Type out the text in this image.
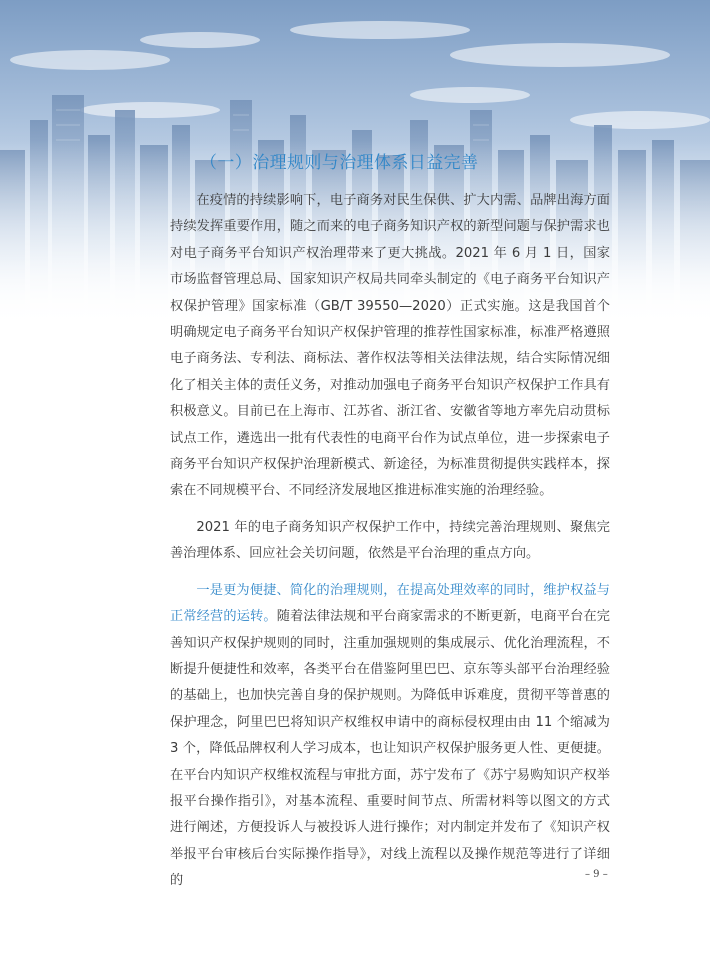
（一）治理规则与治理体系日益完善

在疫情的持续影响下，电子商务对民生保供、扩大内需、品牌出海方面持续发挥重要作用，随之而来的电子商务知识产权的新型问题与保护需求也对电子商务平台知识产权治理带来了更大挑战。2021 年 6 月 1 日，国家市场监督管理总局、国家知识产权局共同牵头制定的《电子商务平台知识产权保护管理》国家标准（GB/T 39550—2020）正式实施。这是我国首个明确规定电子商务平台知识产权保护管理的推荐性国家标准，标准严格遵照电子商务法、专利法、商标法、著作权法等相关法律法规，结合实际情况细化了相关主体的责任义务，对推动加强电子商务平台知识产权保护工作具有积极意义。目前已在上海市、江苏省、浙江省、安徽省等地方率先启动贯标试点工作，遴选出一批有代表性的电商平台作为试点单位，进一步探索电子商务平台知识产权保护治理新模式、新途径，为标准贯彻提供实践样本，探索在不同规模平台、不同经济发展地区推进标准实施的治理经验。

2021 年的电子商务知识产权保护工作中，持续完善治理规则、聚焦完善治理体系、回应社会关切问题，依然是平台治理的重点方向。

一是更为便捷、简化的治理规则，在提高处理效率的同时，维护权益与正常经营的运转。随着法律法规和平台商家需求的不断更新，电商平台在完善知识产权保护规则的同时，注重加强规则的集成展示、优化治理流程，不断提升便捷性和效率，各类平台在借鉴阿里巴巴、京东等头部平台治理经验的基础上，也加快完善自身的保护规则。为降低申诉难度，贯彻平等普惠的保护理念，阿里巴巴将知识产权维权申请中的商标侵权理由由 11 个缩减为 3 个，降低品牌权利人学习成本，也让知识产权保护服务更人性、更便捷。在平台内知识产权维权流程与审批方面，苏宁发布了《苏宁易购知识产权举报平台操作指引》，对基本流程、重要时间节点、所需材料等以图文的方式进行阐述，方便投诉人与被投诉人进行操作；对内制定并发布了《知识产权举报平台审核后台实际操作指导》，对线上流程以及操作规范等进行了详细的	– 9 –
